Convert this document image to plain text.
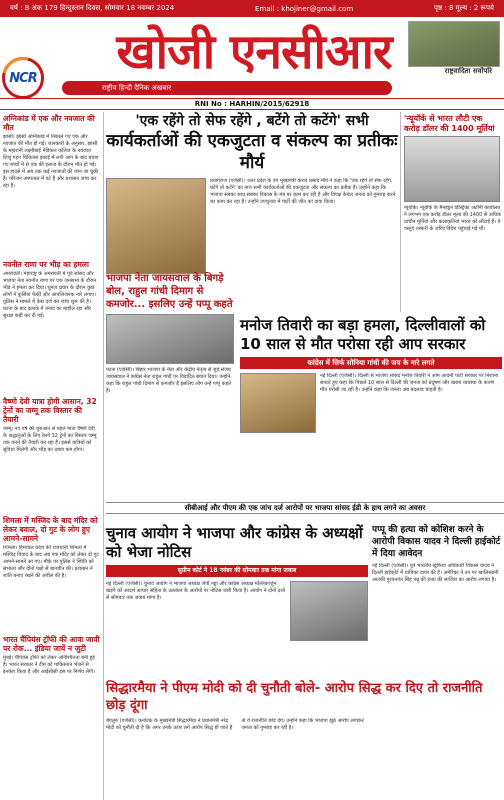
वर्ष : 8 अंक 179 हिन्दुस्तान दिवस, सोमवार 18 नवम्बर 2024	Email : khojiner@gmail.com	पृष्ठ : 8 मूल्य : 2 रूपये
NCR	खोजी एनसीआर
राष्ट्रीय हिन्दी दैनिक अखबार
राष्ट्रवादिता सर्वोपरि
RNI No : HARHIN/2015/62918
अग्निकांड में एक और नवजात की मौत
झांसी। झांसी अग्निकांड में निकाले गए एक और नवजात की मौत हो गई। जानकारी के अनुसार, झांसी के महारानी लक्ष्मीबाई मेडिकल कॉलेज के नवजात शिशु गहन चिकित्सा इकाई में लगी आग के बाद बचाए गए बच्चों में से एक की इलाज के दौरान मौत हो गई। इस हादसे में अब तक कई नवजातों की जान जा चुकी है। परिजन अस्पताल में डटे हैं और प्रशासन जांच कर रहा है।
नवनीत राणा पर भीड़ का हमला
अमरावती। महाराष्ट्र के अमरावती में पूर्व सांसद और भाजपा नेता नवनीत राणा पर एक जनसभा के दौरान भीड़ ने हमला कर दिया। चुनाव प्रचार के दौरान कुछ लोगों ने कुर्सियां फेंकीं और आपत्तिजनक नारे लगाए। पुलिस ने मामले में केस दर्ज कर जांच शुरू की है। घटना के बाद इलाके में तनाव का माहौल रहा और सुरक्षा कड़ी कर दी गई।
वैष्णो देवी यात्रा होगी आसान, 32 ट्रेनों का जम्मू तक विस्तार की तैयारी
जम्मू। नए वर्ष की शुरुआत से पहले माता वैष्णो देवी के श्रद्धालुओं के लिए रेलवे 32 ट्रेनों का विस्तार जम्मू तक करने की तैयारी कर रहा है। इससे यात्रियों को सुविधा मिलेगी और भीड़ का दबाव कम होगा।
शिमला में मस्जिद के बाद मंदिर को लेकर बवाल, दो गुट के लोग हुए आमने-सामने
शिमला। हिमाचल प्रदेश की राजधानी शिमला में मस्जिद विवाद के बाद अब एक मंदिर को लेकर दो गुट आमने-सामने आ गए। मौके पर पुलिस ने स्थिति को संभाला और दोनों पक्षों से बातचीत की। प्रशासन ने शांति बनाए रखने की अपील की है।
भारत चैंपियंस ट्रॉफी की आवा जावी पर रोक... इंडिया जायें न जुटी
मुंबई। चैंपियंस ट्रॉफी को लेकर अनिश्चितता बनी हुई है। भारत सरकार ने टीम को पाकिस्तान भेजने से इनकार किया है और आईसीसी इस पर निर्णय लेगी।
'न्यूयॉर्क से भारत लौटी एक करोड़ डॉलर की 1400 मूर्तियां
न्यूयॉर्क। न्यूयॉर्क के मैनहट्टन डिस्ट्रिक्ट अटॉर्नी कार्यालय ने लगभग एक करोड़ डॉलर मूल्य की 1400 से अधिक प्राचीन मूर्तियां और कलाकृतियां भारत को लौटाई हैं। ये वस्तुएं तस्करी के जरिए विदेश पहुंचाई गई थीं।
'एक रहेंगे तो सेफ रहेंगे , बटेंगे तो कटेंगे' सभी
कार्यकर्ताओं की एकजुटता व संकल्प का प्रतीकः मौर्य
प्रयागराज (एजेंसी)। उत्तर प्रदेश के उप मुख्यमंत्री केशव प्रसाद मौर्य ने कहा कि 'एक रहेंगे तो सेफ रहेंगे, बटेंगे तो कटेंगे' का नारा सभी कार्यकर्ताओं की एकजुटता और संकल्प का प्रतीक है। उन्होंने कहा कि भाजपा सबका साथ सबका विकास के मंत्र पर काम कर रही है और विपक्ष केवल जनता को गुमराह करने का काम कर रहा है। उन्होंने उपचुनाव में पार्टी की जीत का दावा किया।
भाजपा नेता जायसवाल के बिगड़े बोल, राहुल गांधी दिमाग से कमजोर... इसलिए उन्हें पप्पू कहते
पटना (एजेंसी)। बिहार भाजपा के नेता और केंद्रीय नेतृत्व से जुड़े संजय जायसवाल ने कांग्रेस नेता राहुल गांधी पर विवादित बयान दिया। उन्होंने कहा कि राहुल गांधी दिमाग से कमजोर हैं इसलिए लोग उन्हें पप्पू कहते हैं।
मनोज तिवारी का बड़ा हमला, दिल्लीवालों को 10 साल से मौत परोसा रही आप सरकार
कांग्रेस में सिर्फ सोनिया गांधी की जय के नारे लगते
नई दिल्ली (एजेंसी)। दिल्ली से भाजपा सांसद मनोज तिवारी ने आम आदमी पार्टी सरकार पर निशाना साधते हुए कहा कि पिछले 10 साल से दिल्ली की जनता को प्रदूषण और खराब व्यवस्था के कारण मौत परोसी जा रही है। उन्होंने कहा कि जनता अब बदलाव चाहती है।
सीबीआई और पीएम की एक जांच दर्ज आरोपों पर भाजपा सांसद ईडी के हाथ लगने का अवसर
चुनाव आयोग ने भाजपा और कांग्रेस के अध्यक्षों को भेजा नोटिस
सुप्रीम कोर्ट ने 18 नवंबर की सोमवार तक मांगा जवाब
नई दिल्ली (एजेंसी)। चुनाव आयोग ने भाजपा अध्यक्ष जेपी नड्डा और कांग्रेस अध्यक्ष मल्लिकार्जुन खड़गे को आदर्श आचार संहिता के उल्लंघन के आरोपों पर नोटिस जारी किया है। आयोग ने दोनों दलों से सोमवार तक जवाब मांगा है।
पप्पू की हत्या को कोशिश करने के आरोपी विकास यादव ने दिल्ली हाईकोर्ट में दिया आवेदन
नई दिल्ली (एजेंसी)। पूर्व भारतीय खुफिया अधिकारी विकास यादव ने दिल्ली हाईकोर्ट में याचिका दायर की है। अमेरिका ने उन पर खालिस्तानी आतंकी गुरपतवंत सिंह पन्नू की हत्या की साजिश का आरोप लगाया है।
सिद्धारमैया ने पीएम मोदी को दी चुनौती बोले- आरोप सिद्ध कर दिए तो राजनीति छोड़ दूंगा
बेंगलुरु (एजेंसी)। कर्नाटक के मुख्यमंत्री सिद्धारमैया ने प्रधानमंत्री नरेंद्र मोदी को चुनौती दी है कि अगर उनके ऊपर लगे आरोप सिद्ध हो जाते हैं तो वे राजनीति छोड़ देंगे। उन्होंने कहा कि भाजपा झूठे आरोप लगाकर जनता को गुमराह कर रही है।
